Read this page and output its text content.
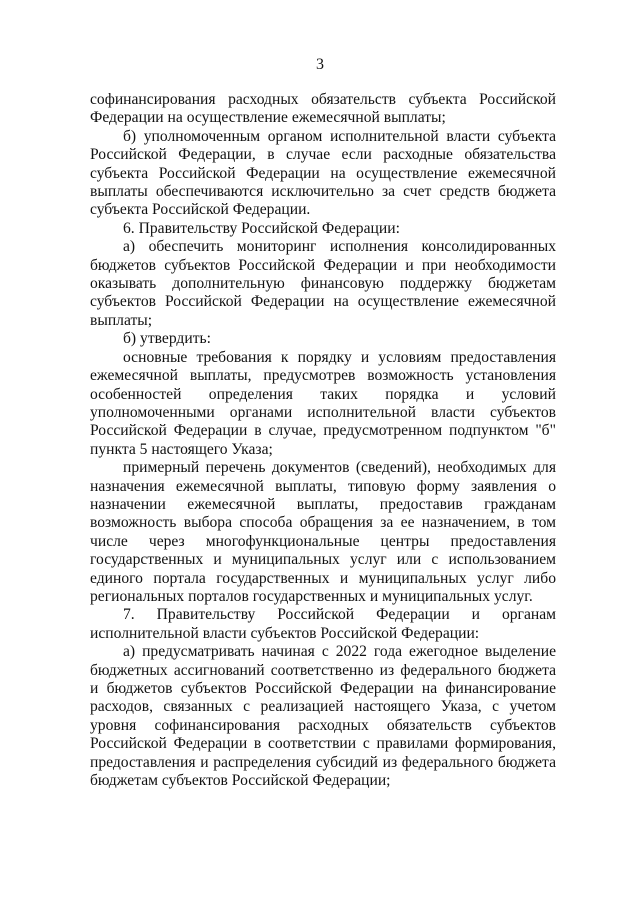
3

софинансирования расходных обязательств субъекта Российской Федерации на осуществление ежемесячной выплаты;

б) уполномоченным органом исполнительной власти субъекта Российской Федерации, в случае если расходные обязательства субъекта Российской Федерации на осуществление ежемесячной выплаты обеспечиваются исключительно за счет средств бюджета субъекта Российской Федерации.

6. Правительству Российской Федерации:

а) обеспечить мониторинг исполнения консолидированных бюджетов субъектов Российской Федерации и при необходимости оказывать дополнительную финансовую поддержку бюджетам субъектов Российской Федерации на осуществление ежемесячной выплаты;

б) утвердить:

основные требования к порядку и условиям предоставления ежемесячной выплаты, предусмотрев возможность установления особенностей определения таких порядка и условий уполномоченными органами исполнительной власти субъектов Российской Федерации в случае, предусмотренном подпунктом "б" пункта 5 настоящего Указа;

примерный перечень документов (сведений), необходимых для назначения ежемесячной выплаты, типовую форму заявления о назначении ежемесячной выплаты, предоставив гражданам возможность выбора способа обращения за ее назначением, в том числе через многофункциональные центры предоставления государственных и муниципальных услуг или с использованием единого портала государственных и муниципальных услуг либо региональных порталов государственных и муниципальных услуг.

7. Правительству Российской Федерации и органам исполнительной власти субъектов Российской Федерации:

а) предусматривать начиная с 2022 года ежегодное выделение бюджетных ассигнований соответственно из федерального бюджета и бюджетов субъектов Российской Федерации на финансирование расходов, связанных с реализацией настоящего Указа, с учетом уровня софинансирования расходных обязательств субъектов Российской Федерации в соответствии с правилами формирования, предоставления и распределения субсидий из федерального бюджета бюджетам субъектов Российской Федерации;
